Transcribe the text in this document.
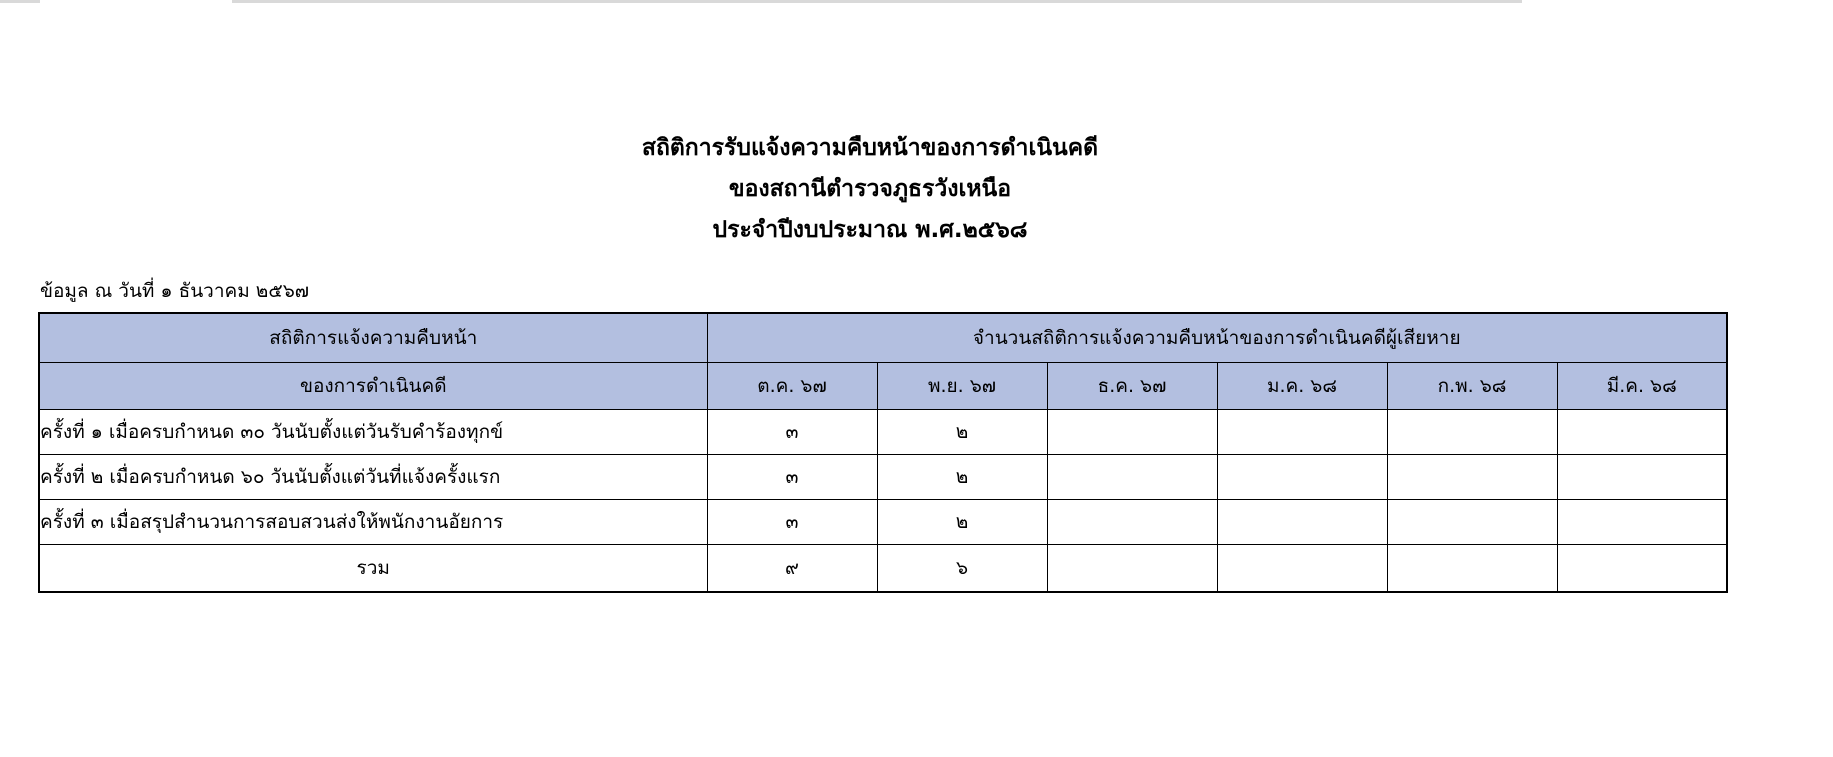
สถิติการรับแจ้งความคืบหน้าของการดำเนินคดี
ของสถานีตำรวจภูธรวังเหนือ
ประจำปีงบประมาณ พ.ศ.๒๕๖๘
ข้อมูล ณ วันที่ ๑ ธันวาคม ๒๕๖๗
สถิติการแจ้งความคืบหน้า	จำนวนสถิติการแจ้งความคืบหน้าของการดำเนินคดีผู้เสียหาย					
ของการดำเนินคดี	ต.ค. ๖๗	พ.ย. ๖๗	ธ.ค. ๖๗	ม.ค. ๖๘	ก.พ. ๖๘	มี.ค. ๖๘
ครั้งที่ ๑ เมื่อครบกำหนด ๓๐ วันนับตั้งแต่วันรับคำร้องทุกข์	๓	๒				
ครั้งที่ ๒ เมื่อครบกำหนด ๖๐ วันนับตั้งแต่วันที่แจ้งครั้งแรก	๓	๒				
ครั้งที่ ๓ เมื่อสรุปสำนวนการสอบสวนส่งให้พนักงานอัยการ	๓	๒				
รวม	๙	๖				
